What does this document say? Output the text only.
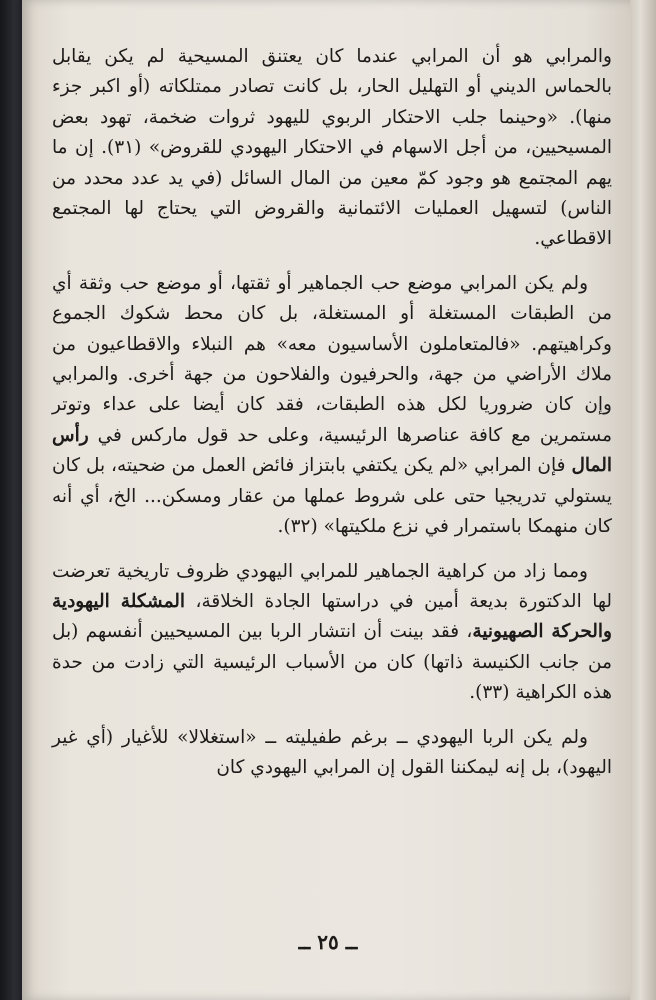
والمرابي هو أن المرابي عندما كان يعتنق المسيحية لم يكن يقابل بالحماس الديني أو التهليل الحار، بل كانت تصادر ممتلكاته (أو اكبر جزء منها). «وحينما جلب الاحتكار الربوي لليهود ثروات ضخمة، تهود بعض المسيحيين، من أجل الاسهام في الاحتكار اليهودي للقروض» (٣١). إن ما يهم المجتمع هو وجود كمّ معين من المال السائل (في يد عدد محدد من الناس) لتسهيل العمليات الائتمانية والقروض التي يحتاج لها المجتمع الاقطاعي.

ولم يكن المرابي موضع حب الجماهير أو ثقتها، أو موضع حب وثقة أي من الطبقات المستغلة أو المستغلة، بل كان محط شكوك الجموع وكراهيتهم. «فالمتعاملون الأساسيون معه» هم النبلاء والاقطاعيون من ملاك الأراضي من جهة، والحرفيون والفلاحون من جهة أخرى. والمرابي وإن كان ضروريا لكل هذه الطبقات، فقد كان أيضا على عداء وتوتر مستمرين مع كافة عناصرها الرئيسية، وعلى حد قول ماركس في رأس المال فإن المرابي «لم يكن يكتفي بابتزاز فائض العمل من ضحيته، بل كان يستولي تدريجيا حتى على شروط عملها من عقار ومسكن... الخ، أي أنه كان منهمكا باستمرار في نزع ملكيتها» (٣٢).

ومما زاد من كراهية الجماهير للمرابي اليهودي ظروف تاريخية تعرضت لها الدكتورة بديعة أمين في دراستها الجادة الخلاقة، المشكلة اليهودية والحركة الصهيونية، فقد بينت أن انتشار الربا بين المسيحيين أنفسهم (بل من جانب الكنيسة ذاتها) كان من الأسباب الرئيسية التي زادت من حدة هذه الكراهية (٣٣).

ولم يكن الربا اليهودي ــ برغم طفيليته ــ «استغلالا» للأغيار (أي غير اليهود)، بل إنه ليمكننا القول إن المرابي اليهودي كان

ــ ٢٥ ــ
